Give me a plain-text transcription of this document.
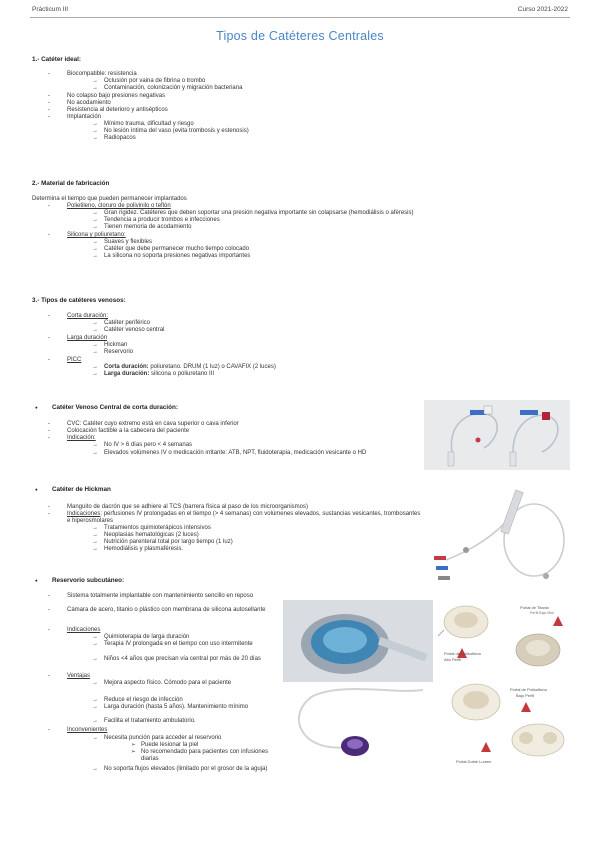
Prácticum III	Curso 2021-2022
Tipos de Catéteres Centrales
1.- Catéter ideal:
- Biocompatible: resistencia
→ Oclusión por vaina de fibrina o trombo
→ Contaminación, colonización y migración bacteriana
- No colapso bajo presiones negativas
- No acodamiento
- Resistencia al deterioro y antisépticos
- Implantación
→ Mínimo trauma, dificultad y riesgo
→ No lesión íntima del vaso (evita trombosis y estenosis)
→ Radiopacos
2.- Material de fabricación
Determina el tiempo que pueden permanecer implantados
- Polietileno, cloruro de polivinilo o teflón
→ Gran rigidez. Catéteres que deben soportar una presión negativa importante sin colapsarse (hemodiálisis o aféresis)
→ Tendencia a producir trombos e infecciones
→ Tienen memoria de acodamiento
- Silicona y poliuretano:
→ Suaves y flexibles
→ Catéter que debe permanecer mucho tiempo colocado
→ La silicona no soporta presiones negativas importantes
3.- Tipos de catéteres venosos:
- Corta duración:
→ Catéter periférico
→ Catéter venoso central
- Larga duración
→ Hickman
→ Reservorio
- PICC
→ Corta duración: poliuretano. DRUM (1 luz) o CAVAFIX (2 luces)
→ Larga duración: silicona o poliuretano III
● Catéter Venoso Central de corta duración:
- CVC: Catéter cuyo extremo está en cava superior o cava inferior
- Colocación factible a la cabecera del paciente
- Indicación:
→ No IV > 6 días pero < 4 semanas
→ Elevados volúmenes IV o medicación irritante: ATB, NPT, fluidoterapia, medicación vesicante o HD
● Catéter de Hickman
- Manguito de dacrón que se adhiere al TCS (barrera física al paso de los microorganismos)
- Indicaciones: perfusiones IV prolongadas en el tiempo (> 4 semanas) con volúmenes elevados, sustancias vesicantes, trombosantes e hiperosmolares
→ Tratamientos quimioterápicos intensivos
→ Neoplasias hematológicas (2 luces)
→ Nutrición parenteral total por largo tiempo (1 luz)
→ Hemodiálisis y plasmaféresis.
● Reservorio subcutáneo:
- Sistema totalmente implantable con mantenimiento sencillo en reposo
- Cámara de acero, titanio o plástico con membrana de silicona autosellante
- Indicaciones
→ Quimioterapia de larga duración
→ Terapia IV prolongada en el tiempo con uso intermitente
→ Niños <4 años que precisan vía central por más de 20 días
- Ventajas
→ Mejora aspecto físico. Cómodo para el paciente
→ Reduce el riesgo de infección
→ Larga duración (hasta 5 años). Mantenimiento mínimo
→ Facilita el tratamiento ambulatorio.
- Inconvenientes
→ Necesita punción para acceder al reservorio
➢ Puede lesionar la piel
➢ No recomendado para pacientes con infusiones diarias
→ No soporta flujos elevados (limitado por el grosor de la aguja)
Portal de Titanio
Perfil Bajo Mini
Portal de Polisulfona
Alto Perfil
Portal de Polisulfona
Bajo Perfil
Portal Doble Lumen
